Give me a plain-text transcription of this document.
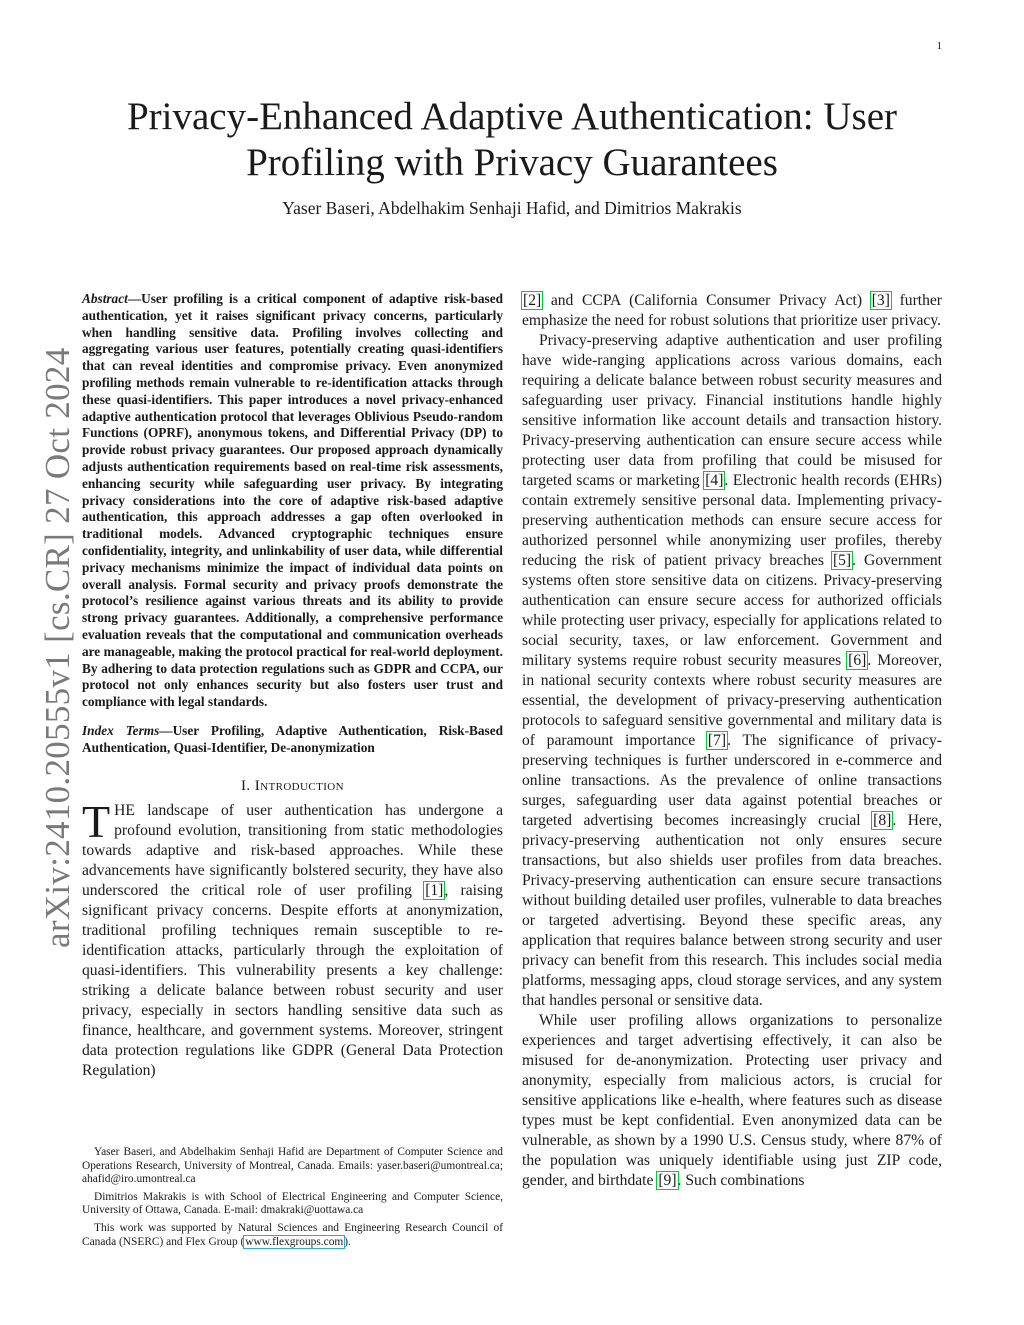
1
arXiv:2410.20555v1 [cs.CR] 27 Oct 2024
Privacy-Enhanced Adaptive Authentication: User
Profiling with Privacy Guarantees
Yaser Baseri, Abdelhakim Senhaji Hafid, and Dimitrios Makrakis

Abstract—User profiling is a critical component of adaptive risk-based authentication, yet it raises significant privacy concerns, particularly when handling sensitive data. Profiling involves collecting and aggregating various user features, potentially creating quasi-identifiers that can reveal identities and compromise privacy. Even anonymized profiling methods remain vulnerable to re-identification attacks through these quasi-identifiers. This paper introduces a novel privacy-enhanced adaptive authentication protocol that leverages Oblivious Pseudo-random Functions (OPRF), anonymous tokens, and Differential Privacy (DP) to provide robust privacy guarantees. Our proposed approach dynamically adjusts authentication requirements based on real-time risk assessments, enhancing security while safeguarding user privacy. By integrating privacy considerations into the core of adaptive risk-based adaptive authentication, this approach addresses a gap often overlooked in traditional models. Advanced cryptographic techniques ensure confidentiality, integrity, and unlinkability of user data, while differential privacy mechanisms minimize the impact of individual data points on overall analysis. Formal security and privacy proofs demonstrate the protocol’s resilience against various threats and its ability to provide strong privacy guarantees. Additionally, a comprehensive performance evaluation reveals that the computational and communication overheads are manageable, making the protocol practical for real-world deployment. By adhering to data protection regulations such as GDPR and CCPA, our protocol not only enhances security but also fosters user trust and compliance with legal standards.

Index Terms—User Profiling, Adaptive Authentication, Risk-Based Authentication, Quasi-Identifier, De-anonymization

I. Introduction

THE landscape of user authentication has undergone a profound evolution, transitioning from static methodologies towards adaptive and risk-based approaches. While these advancements have significantly bolstered security, they have also underscored the critical role of user profiling [1], raising significant privacy concerns. Despite efforts at anonymization, traditional profiling techniques remain susceptible to re-identification attacks, particularly through the exploitation of quasi-identifiers. This vulnerability presents a key challenge: striking a delicate balance between robust security and user privacy, especially in sectors handling sensitive data such as finance, healthcare, and government systems. Moreover, stringent data protection regulations like GDPR (General Data Protection Regulation)

[2] and CCPA (California Consumer Privacy Act) [3] further emphasize the need for robust solutions that prioritize user privacy.

Privacy-preserving adaptive authentication and user profiling have wide-ranging applications across various domains, each requiring a delicate balance between robust security measures and safeguarding user privacy. Financial institutions handle highly sensitive information like account details and transaction history. Privacy-preserving authentication can ensure secure access while protecting user data from profiling that could be misused for targeted scams or marketing [4]. Electronic health records (EHRs) contain extremely sensitive personal data. Implementing privacy-preserving authentication methods can ensure secure access for authorized personnel while anonymizing user profiles, thereby reducing the risk of patient privacy breaches [5]. Government systems often store sensitive data on citizens. Privacy-preserving authentication can ensure secure access for authorized officials while protecting user privacy, especially for applications related to social security, taxes, or law enforcement. Government and military systems require robust security measures [6]. Moreover, in national security contexts where robust security measures are essential, the development of privacy-preserving authentication protocols to safeguard sensitive governmental and military data is of paramount importance [7]. The significance of privacy-preserving techniques is further underscored in e-commerce and online transactions. As the prevalence of online transactions surges, safeguarding user data against potential breaches or targeted advertising becomes increasingly crucial [8]. Here, privacy-preserving authentication not only ensures secure transactions, but also shields user profiles from data breaches. Privacy-preserving authentication can ensure secure transactions without building detailed user profiles, vulnerable to data breaches or targeted advertising. Beyond these specific areas, any application that requires balance between strong security and user privacy can benefit from this research. This includes social media platforms, messaging apps, cloud storage services, and any system that handles personal or sensitive data.

While user profiling allows organizations to personalize experiences and target advertising effectively, it can also be misused for de-anonymization. Protecting user privacy and anonymity, especially from malicious actors, is crucial for sensitive applications like e-health, where features such as disease types must be kept confidential. Even anonymized data can be vulnerable, as shown by a 1990 U.S. Census study, where 87% of the population was uniquely identifiable using just ZIP code, gender, and birthdate [9]. Such combinations

Yaser Baseri, and Abdelhakim Senhaji Hafid are Department of Computer Science and Operations Research, University of Montreal, Canada. Emails: yaser.baseri@umontreal.ca; ahafid@iro.umontreal.ca

Dimitrios Makrakis is with School of Electrical Engineering and Computer Science, University of Ottawa, Canada. E-mail: dmakraki@uottawa.ca

This work was supported by Natural Sciences and Engineering Research Council of Canada (NSERC) and Flex Group (www.flexgroups.com).
